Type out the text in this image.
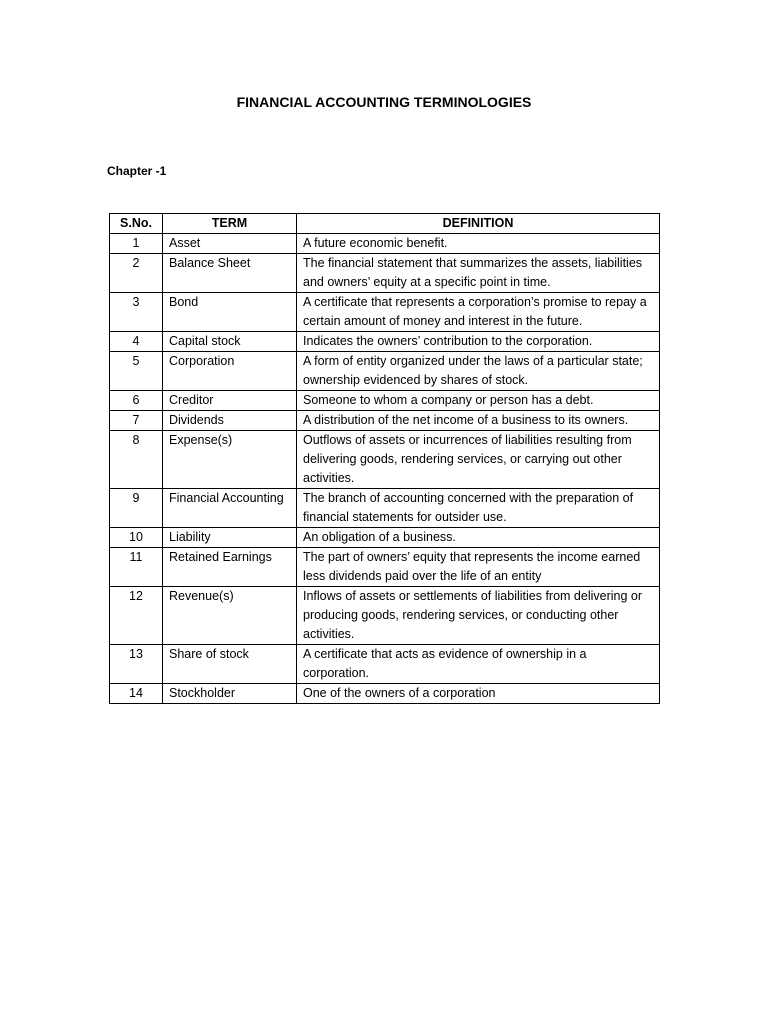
FINANCIAL ACCOUNTING TERMINOLOGIES
Chapter -1
S.No.	TERM	DEFINITION
1	Asset	A future economic benefit.
2	Balance Sheet	The financial statement that summarizes the assets, liabilities and owners’ equity at a specific point in time.
3	Bond	A certificate that represents a corporation’s promise to repay a certain amount of money and interest in the future.
4	Capital stock	Indicates the owners’ contribution to the corporation.
5	Corporation	A form of entity organized under the laws of a particular state; ownership evidenced by shares of stock.
6	Creditor	Someone to whom a company or person has a debt.
7	Dividends	A distribution of the net income of a business to its owners.
8	Expense(s)	Outflows of assets or incurrences of liabilities resulting from delivering goods, rendering services, or carrying out other activities.
9	Financial Accounting	The branch of accounting concerned with the preparation of financial statements for outsider use.
10	Liability	An obligation of a business.
11	Retained Earnings	The part of owners’ equity that represents the income earned less dividends paid over the life of an entity
12	Revenue(s)	Inflows of assets or settlements of liabilities from delivering or producing goods, rendering services, or conducting other activities.
13	Share of stock	A certificate that acts as evidence of ownership in a corporation.
14	Stockholder	One of the owners of a corporation
